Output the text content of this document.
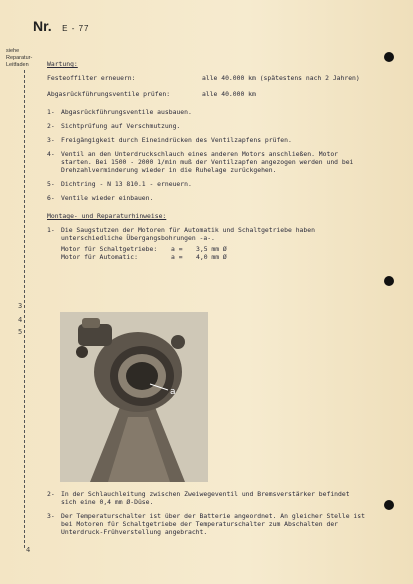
Nr. E - 77
siehe
Reparatur-
Leitfaden	Wartung:

Festeoffilter erneuern:	alle 40.000 km (spätestens nach 2 Jahren)
Abgasrückführungsventile prüfen:	alle 40.000 km
1- Abgasrückführungsventile ausbauen.
2- Sichtprüfung auf Verschmutzung.
3- Freigängigkeit durch Eineindrücken des Ventilzapfens prüfen.
4- Ventil an den Unterdruckschlauch eines anderen Motors anschließen. Motor starten. Bei 1500 - 2000 1/min muß der Ventilzapfen angezogen werden und bei Drehzahlverminderung wieder in die Ruhelage zurückgehen.
5- Dichtring - N 13 810.1 - erneuern.
6- Ventile wieder einbauen.

Montage- und Reparaturhinweise:

1- Die Saugstutzen der Motoren für Automatik und Schaltgetriebe haben unterschiedliche Übergangsbohrungen -a-.
Motor für Schaltgetriebe:	a =	3,5 mm Ø
Motor für Automatic:	a =	4,0 mm Ø
a
2- In der Schlauchleitung zwischen Zweiwegeventil und Bremsverstärker befindet sich eine 0,4 mm Ø-Düse.
3- Der Temperaturschalter ist über der Batterie angeordnet. An gleicher Stelle ist bei Motoren für Schaltgetriebe der Temperaturschalter zum Abschalten der Unterdruck-Frühverstellung angebracht.
3
4
5
4
